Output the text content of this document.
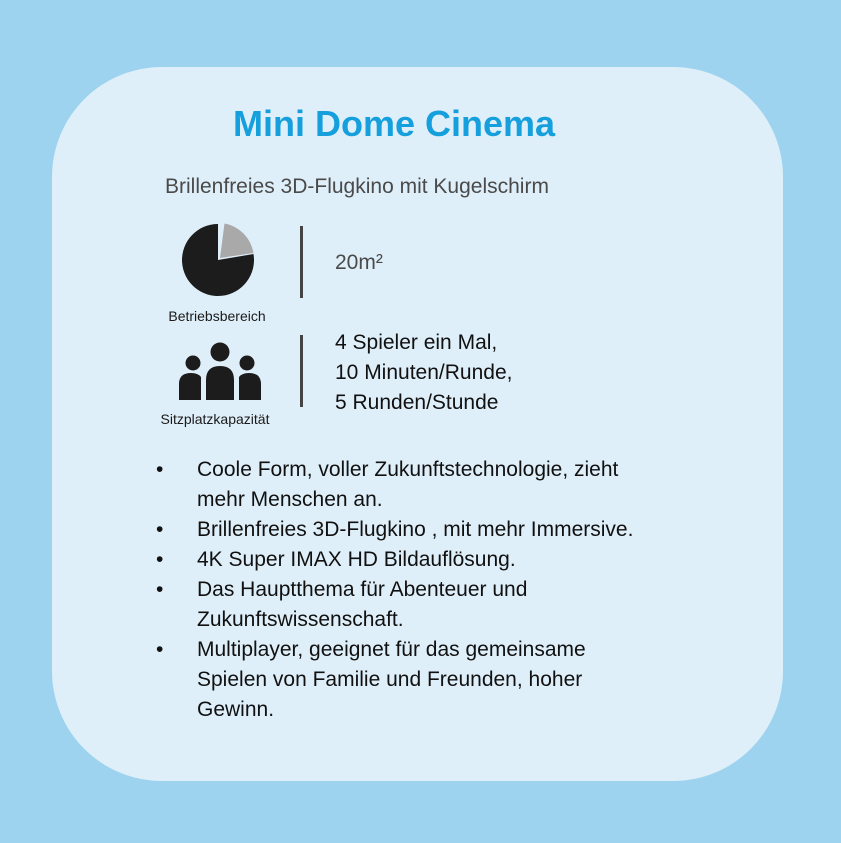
Mini Dome Cinema
Brillenfreies 3D-Flugkino mit Kugelschirm
Betriebsbereich
20m²
Sitzplatzkapazität
4 Spieler ein Mal,
10 Minuten/Runde,
5 Runden/Stunde
• Coole Form, voller Zukunftstechnologie, zieht
mehr Menschen an.
• Brillenfreies 3D-Flugkino , mit mehr Immersive.
• 4K Super IMAX HD Bildauflösung.
• Das Hauptthema für Abenteuer und
Zukunftswissenschaft.
• Multiplayer, geeignet für das gemeinsame
Spielen von Familie und Freunden, hoher
Gewinn.
